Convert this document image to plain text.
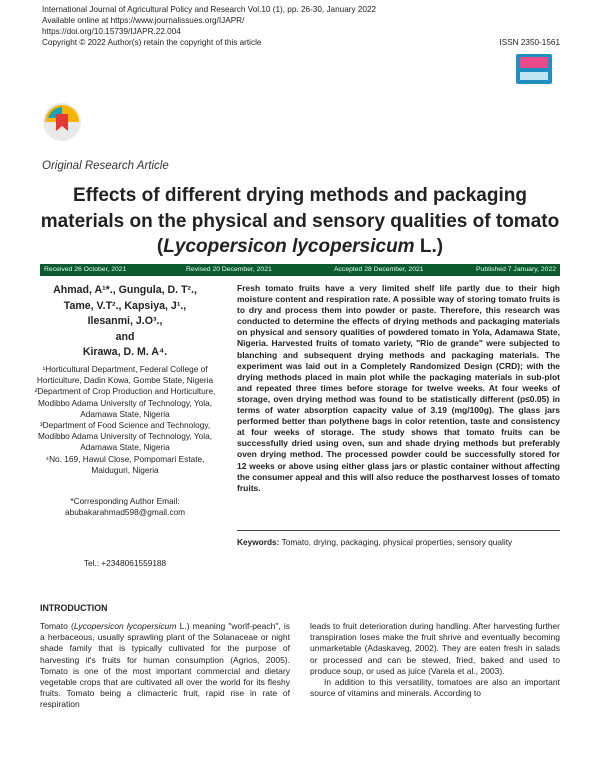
International Journal of Agricultural Policy and Research Vol.10 (1), pp. 26-30, January 2022
Available online at https://www.journalissues.org/IJAPR/
https://doi.org/10.15739/IJAPR.22.004
Copyright © 2022 Author(s) retain the copyright of this article	ISSN 2350-1561
Original Research Article
Effects of different drying methods and packaging
materials on the physical and sensory qualities of tomato
(Lycopersicon lycopersicum L.)
Received 26 October, 2021	Revised 20 December, 2021	Accepted 28 December, 2021	Published 7 January, 2022
Ahmad, A¹*., Gungula, D. T².,
Tame, V.T²., Kapsiya, J¹.,
Ilesanmi, J.O³.,
and
Kirawa, D. M. A⁴.

¹Horticultural Department, Federal College of Horticulture, Dadin Kowa, Gombe State, Nigeria

²Department of Crop Production and Horticulture, Modibbo Adama University of Technology, Yola, Adamawa State, Nigeria

³Department of Food Science and Technology, Modibbo Adama University of Technology, Yola, Adamawa State, Nigeria

⁴No. 169, Hawul Close, Pompomari Estate, Maiduguri, Nigeria

*Corresponding Author Email:
abubakarahmad598@gmail.com
Tel.: +2348061559188
Fresh tomato fruits have a very limited shelf life partly due to their high moisture content and respiration rate. A possible way of storing tomato fruits is to dry and process them into powder or paste. Therefore, this research was conducted to determine the effects of drying methods and packaging materials on physical and sensory qualities of powdered tomato in Yola, Adamawa State, Nigeria. Harvested fruits of tomato variety, "Rio de grande" were subjected to blanching and subsequent drying methods and packaging materials. The experiment was laid out in a Completely Randomized Design (CRD); with the drying methods placed in main plot while the packaging materials in sub-plot and repeated three times before storage for twelve weeks. At four weeks of storage, oven drying method was found to be statistically different (p≤0.05) in terms of water absorption capacity value of 3.19 (mg/100g). The glass jars performed better than polythene bags in color retention, taste and consistency at four weeks of storage. The study shows that tomato fruits can be successfully dried using oven, sun and shade drying methods but preferably oven drying method. The processed powder could be successfully stored for 12 weeks or above using either glass jars or plastic container without affecting the consumer appeal and this will also reduce the postharvest losses of tomato fruits.
Keywords: Tomato, drying, packaging, physical properties, sensory quality
INTRODUCTION

Tomato (Lycopersicon lycopersicum L.) meaning "worlf-peach", is a herbaceous, usually sprawling plant of the Solanaceae or night shade family that is typically cultivated for the purpose of harvesting it's fruits for human consumption (Agrios, 2005). Tomato is one of the most important commercial and dietary vegetable crops that are cultivated all over the world for its fleshy fruits. Tomato being a climacteric fruit, rapid rise in rate of respiration

leads to fruit deterioration during handling. After harvesting further transpiration loses make the fruit shrive and eventually becoming unmarketable (Adaskaveg, 2002). They are eaten fresh in salads or processed and can be stewed, fried, baked and used to produce soup, or used as juice (Varela et al., 2003).

In addition to this versatility, tomatoes are also an important source of vitamins and minerals. According to
